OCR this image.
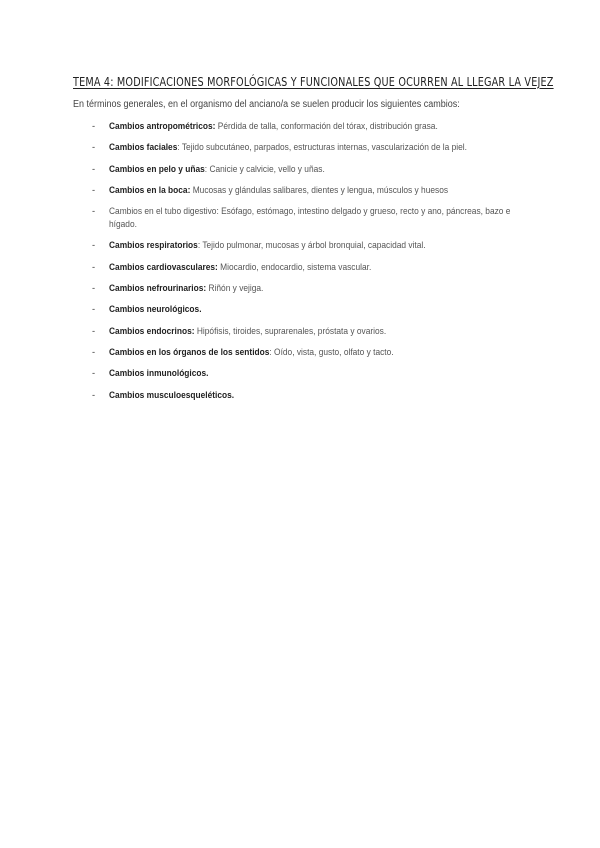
TEMA 4: MODIFICACIONES MORFOLÓGICAS Y FUNCIONALES QUE OCURREN AL LLEGAR LA VEJEZ
En términos generales, en el organismo del anciano/a se suelen producir los siguientes cambios:
- Cambios antropométricos: Pérdida de talla, conformación del tórax, distribución grasa.
- Cambios faciales: Tejido subcutáneo, parpados, estructuras internas, vascularización de la piel.
- Cambios en pelo y uñas: Canicie y calvicie, vello y uñas.
- Cambios en la boca: Mucosas y glándulas salibares, dientes y lengua, músculos y huesos
- Cambios en el tubo digestivo: Esófago, estómago, intestino delgado y grueso, recto y ano, páncreas, bazo e hígado.
- Cambios respiratorios: Tejido pulmonar, mucosas y árbol bronquial, capacidad vital.
- Cambios cardiovasculares: Miocardio, endocardio, sistema vascular.
- Cambios nefrourinarios: Riñón y vejiga.
- Cambios neurológicos.
- Cambios endocrinos: Hipófisis, tiroides, suprarenales, próstata y ovarios.
- Cambios en los órganos de los sentidos: Oído, vista, gusto, olfato y tacto.
- Cambios inmunológicos.
- Cambios musculoesqueléticos.
